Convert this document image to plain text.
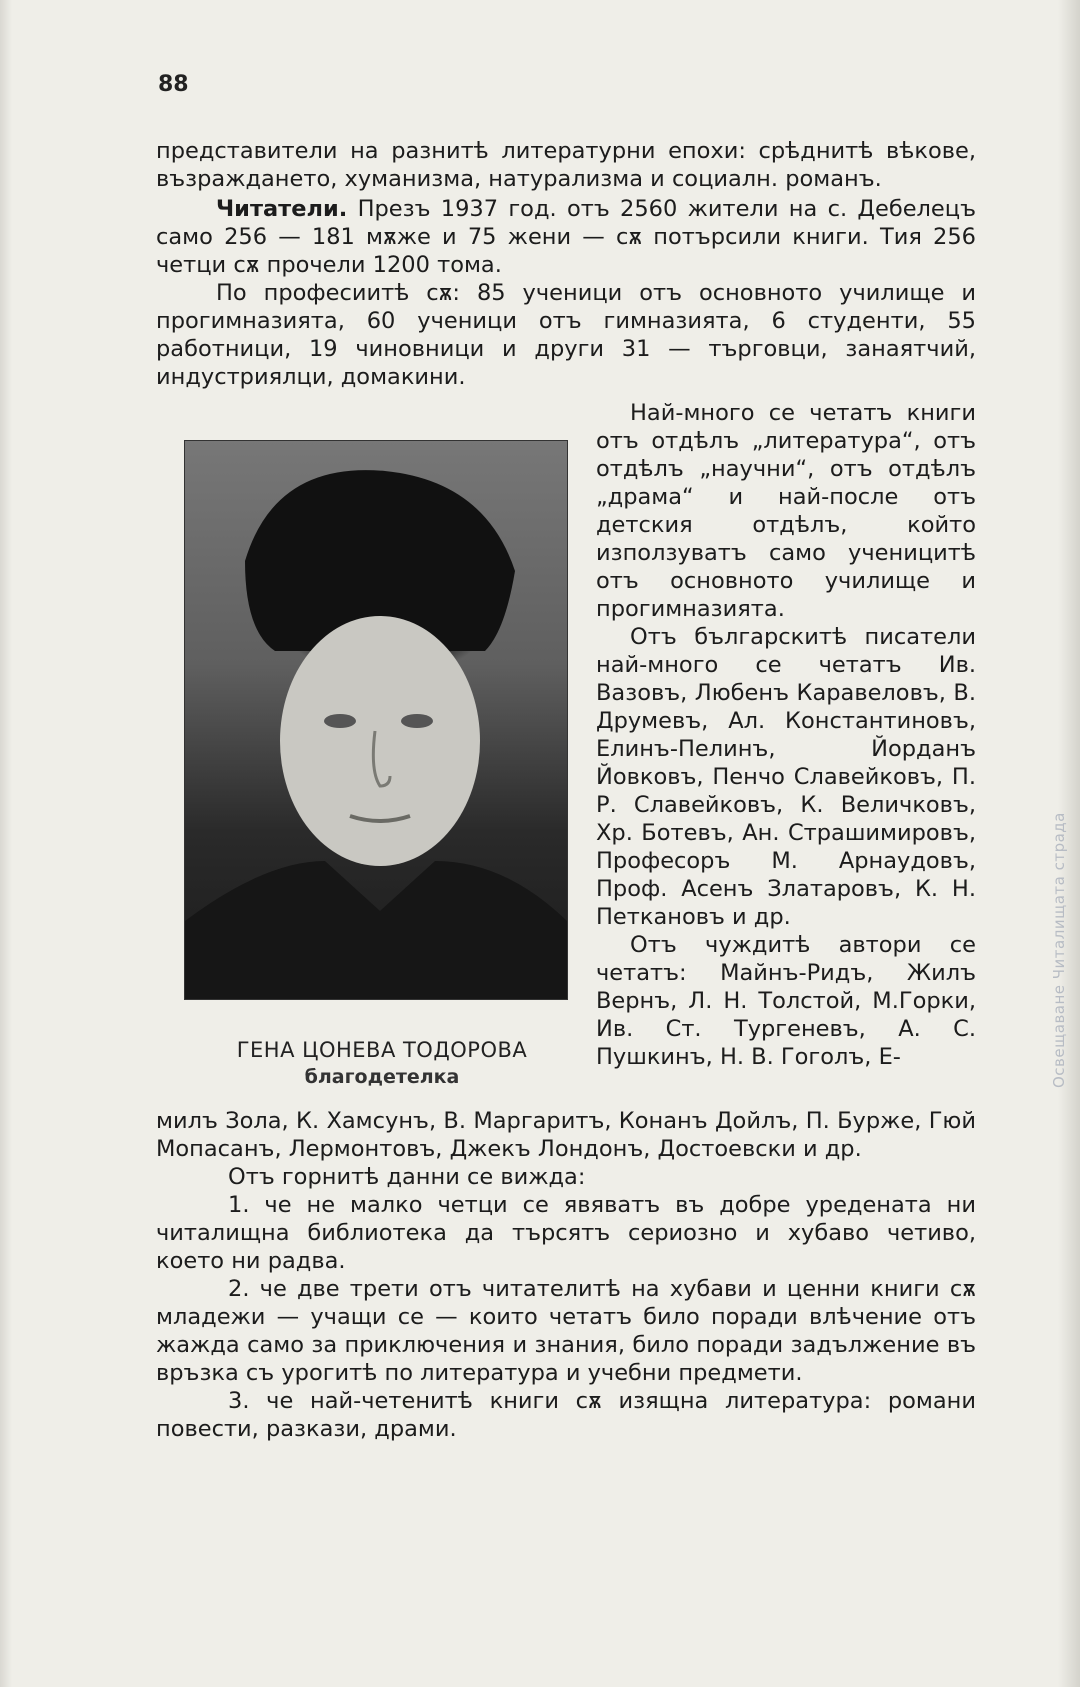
Освещаване Читалищата страда
88
представители на разнитѣ литературни епохи: срѣднитѣ вѣкове, възраждането, хуманизма, натурализма и социалн. романъ.
Читатели. Презъ 1937 год. отъ 2560 жители на с. Дебелецъ само 256 — 181 мѫже и 75 жени — сѫ потърсили книги. Тия 256 четци сѫ прочели 1200 тома.
По професиитѣ сѫ: 85 ученици отъ основното училище и прогимназията, 60 ученици отъ гимназията, 6 студенти, 55 работници, 19 чиновници и други 31 — търговци, занаятчий, индустриялци, домакини.

Най-много се четатъ книги отъ отдѣлъ „литература“, отъ отдѣлъ „научни“, отъ отдѣлъ „драма“ и най-после отъ детския отдѣлъ, който използуватъ само ученицитѣ отъ основното училище и прогимназията.

Отъ българскитѣ писатели най-много се четатъ Ив. Вазовъ, Любенъ Каравеловъ, В. Друмевъ, Ал. Константиновъ, Елинъ-Пелинъ, Йорданъ Йовковъ, Пенчо Славейковъ, П. Р. Славейковъ, К. Величковъ, Хр. Ботевъ, Ан. Страшимировъ, Професоръ М. Арнаудовъ, Проф. Асенъ Златаровъ, К. Н. Петкановъ и др.

Отъ чуждитѣ автори се четатъ: Майнъ-Ридъ, Жилъ Вернъ, Л. Н. Толстой, М.Горки, Ив. Ст. Тургеневъ, А. С. Пушкинъ, Н. В. Гоголъ, Е-

ГЕНА ЦОНЕВА ТОДОРОВА
благодетелка

милъ Зола, К. Хамсунъ, В. Маргаритъ, Конанъ Дойлъ, П. Бурже, Гюй Мопасанъ, Лермонтовъ, Джекъ Лондонъ, Достоевски и др.

Отъ горнитѣ данни се вижда:

1. че не малко четци се явяватъ въ добре уредената ни читалищна библиотека да търсятъ сериозно и хубаво четиво, което ни радва.

2. че две трети отъ читателитѣ на хубави и ценни книги сѫ младежи — учащи се — които четатъ било поради влѣчение отъ жажда само за приключения и знания, било поради задължение въ връзка съ урогитѣ по литература и учебни предмети.

3. че най-четенитѣ книги сѫ изящна литература: романи повести, разкази, драми.
